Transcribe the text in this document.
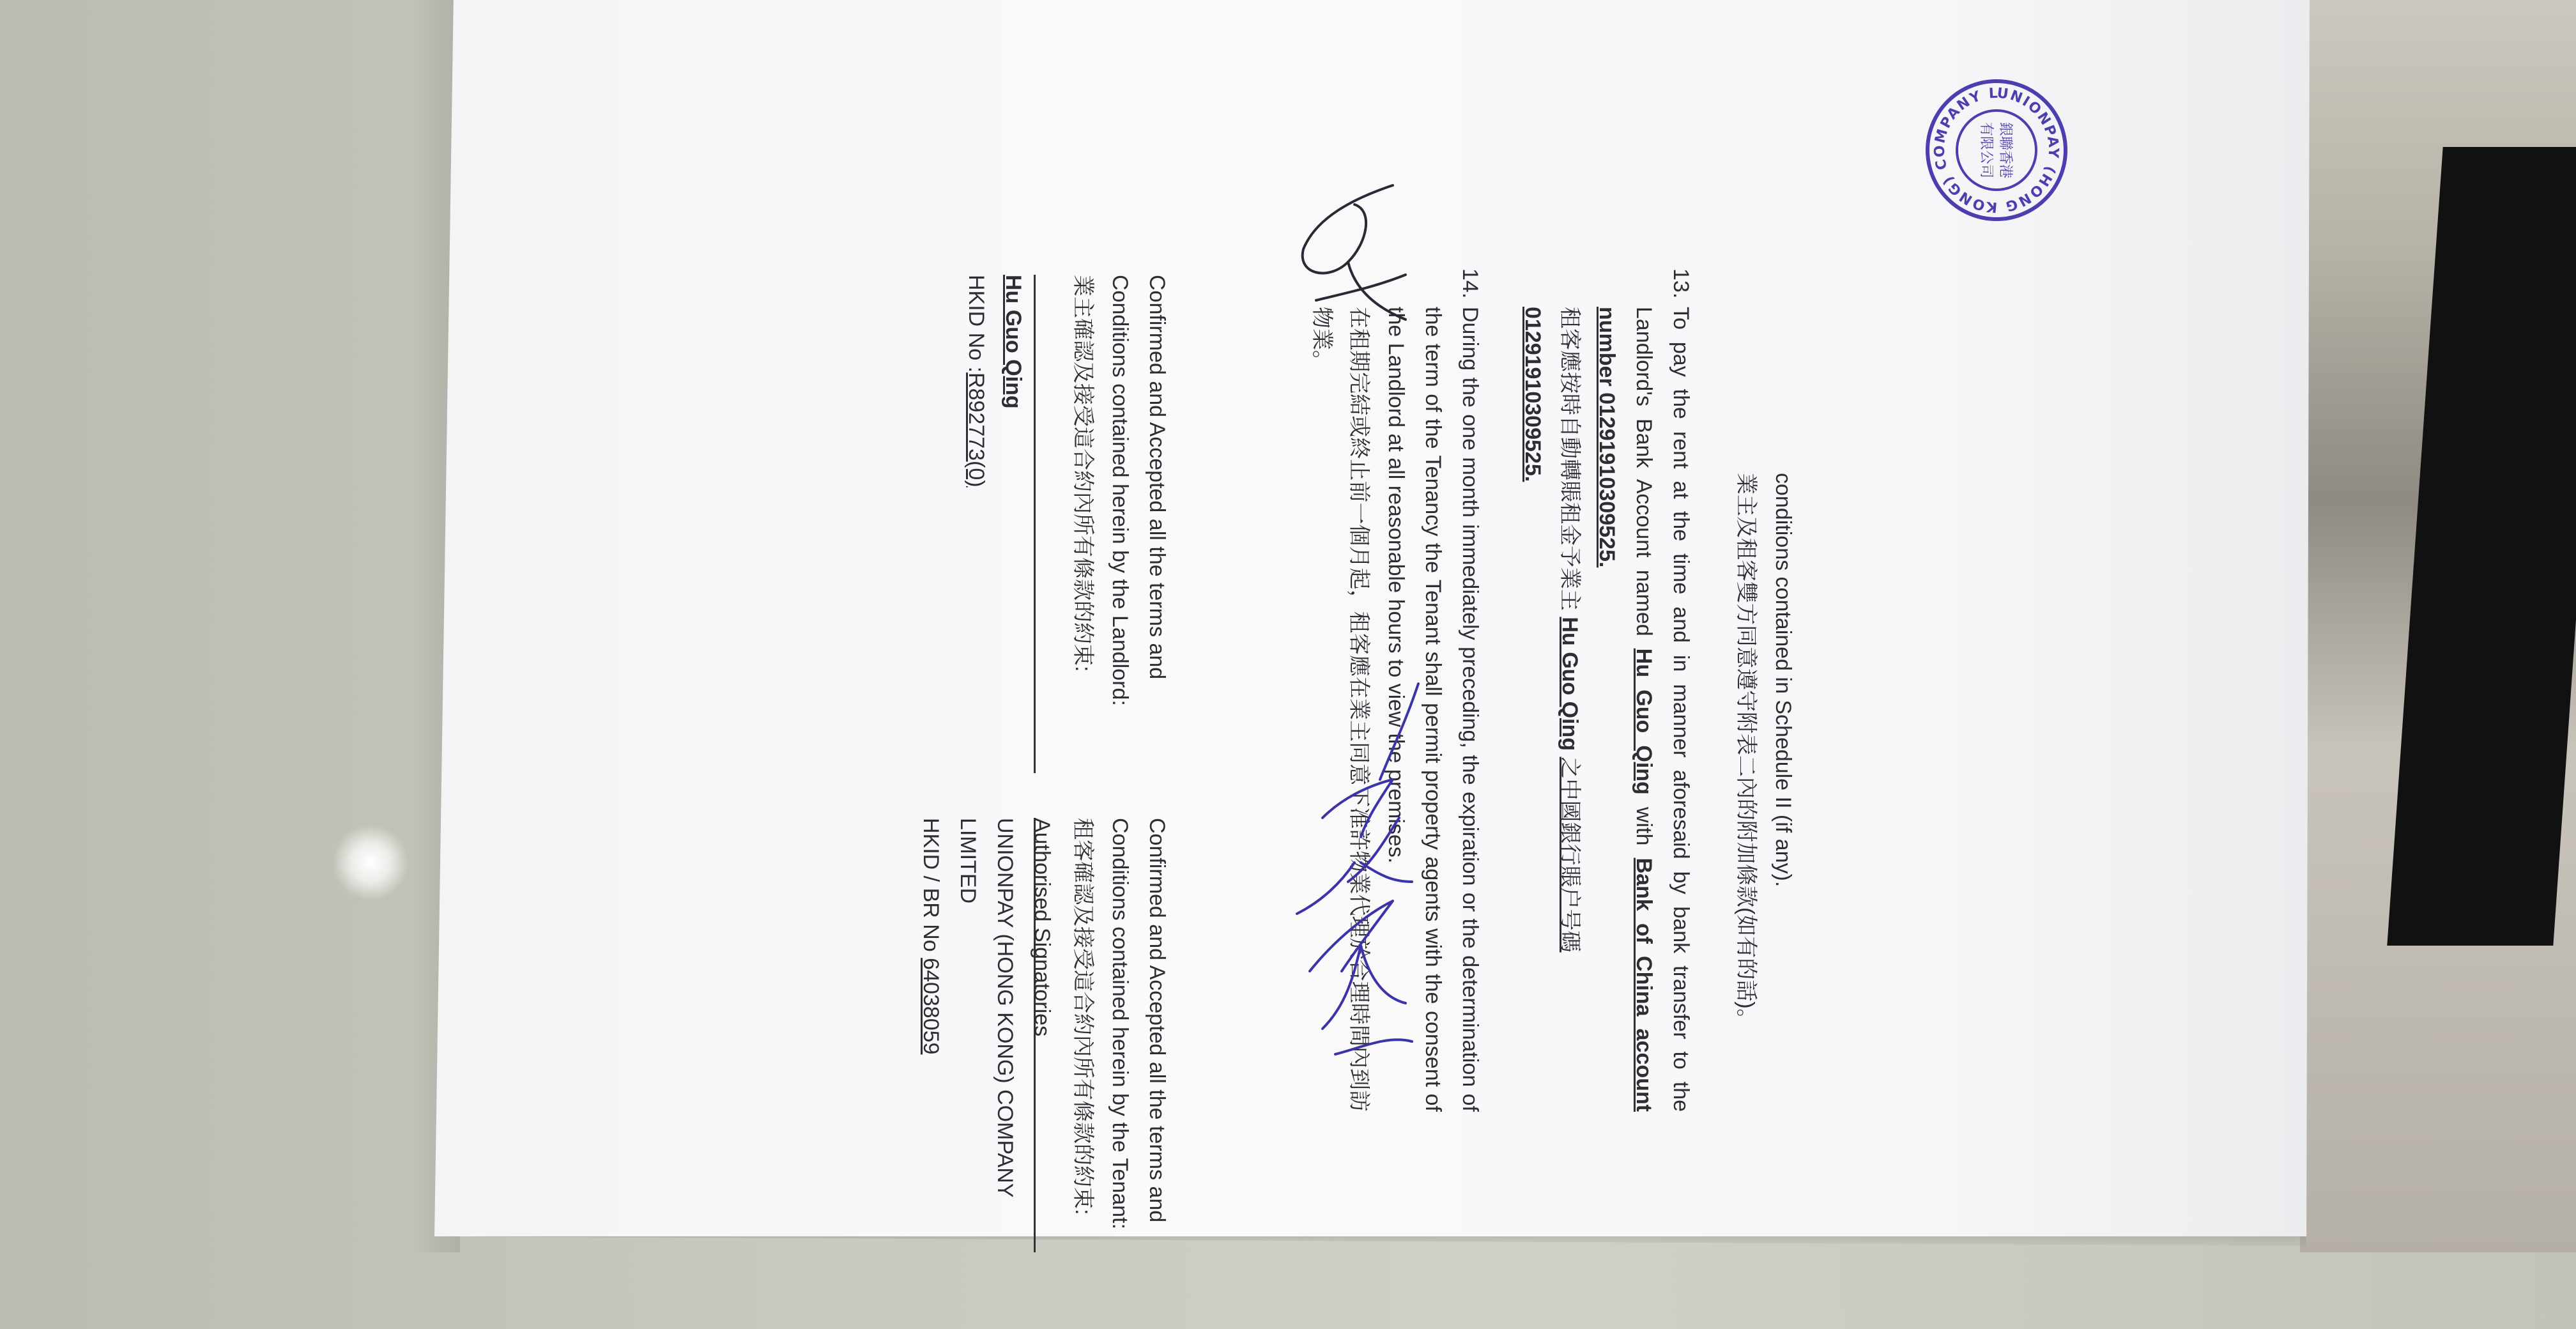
conditions contained in Schedule II (if any).

業主及租客雙方同意遵守附表二內的附加條款(如有的話)。

13.
To pay the rent at the time and in manner aforesaid by bank transfer to the Landlord's Bank Account named Hu Guo Qing with Bank of China account number 01291910309525.
租客應按時自動轉賬租金予業主 Hu Guo Qing 之中國銀行賬户号碼
01291910309525.
14.

During the one month immediately preceding, the expiration or the determination of the term of the Tenancy the Tenant shall permit property agents with the consent of the Landlord at all reasonable hours to view the premises.

在租期完結或終止前一個月起，租客應在業主同意下准許物業代理於合理時間內到訪物業。

Confirmed and Accepted all the terms and

Conditions contained herein by the Landlord:

業主確認及接受這合約內所有條款的約束:

Hu Guo Qing

HKID No :R892773(0)

Confirmed and Accepted all the terms and

Conditions contained herein by the Tenant:

租客確認及接受這合約內所有條款的約束:

Authorised Signatories

UNIONPAY (HONG KONG) COMPANY

LIMITED

HKID / BR No 64038059

UNIONPAY (HONG KONG) COMPANY L
銀聯香港
有限公司
